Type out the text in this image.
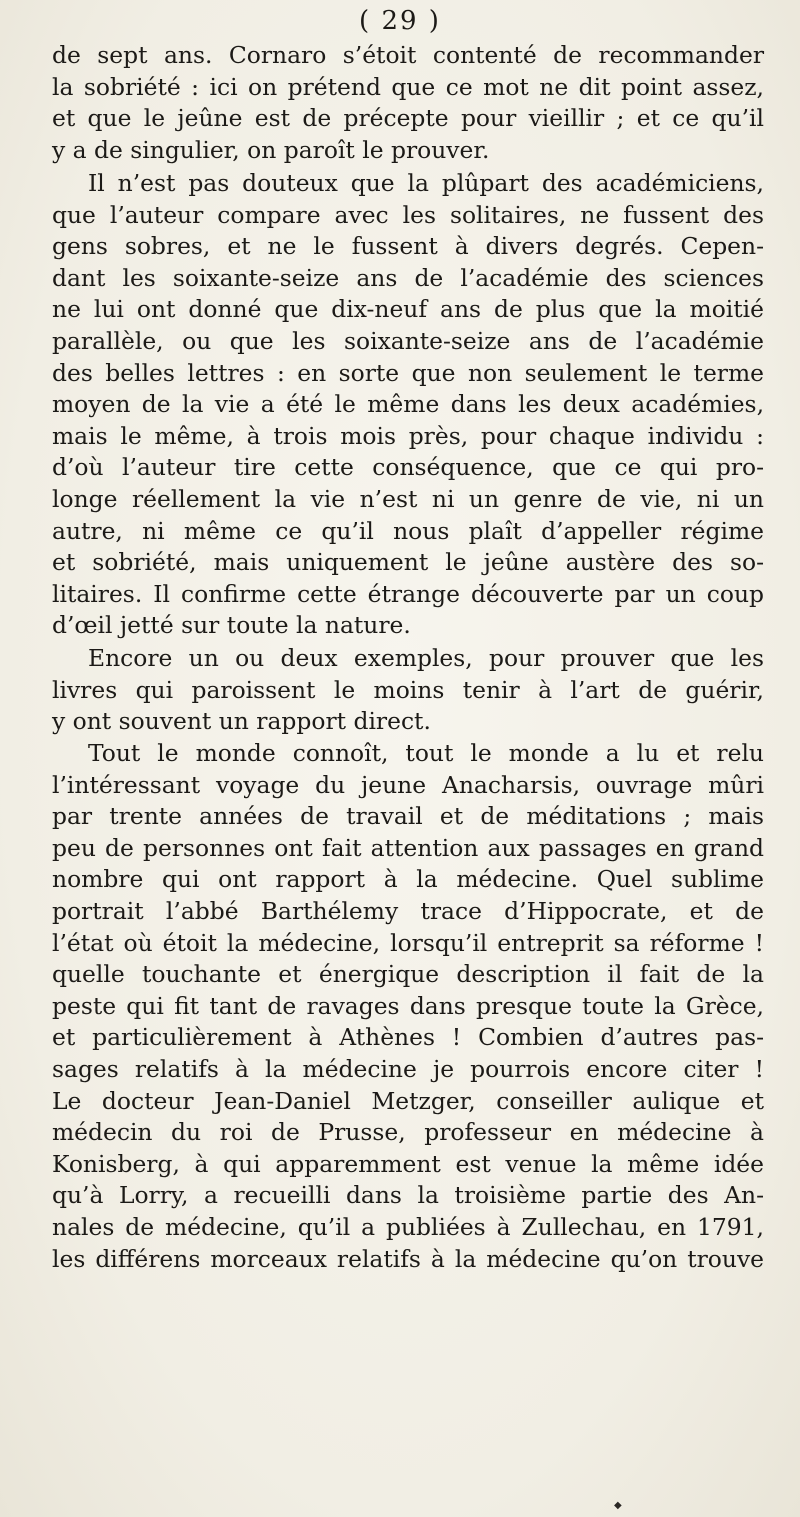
( 29 )
de sept ans. Cornaro s’étoit contenté de recommander
la sobriété : ici on prétend que ce mot ne dit point assez,
et que le jeûne est de précepte pour vieillir ; et ce qu’il
y a de singulier, on paroît le prouver.
Il n’est pas douteux que la plûpart des académiciens,
que l’auteur compare avec les solitaires, ne fussent des
gens sobres, et ne le fussent à divers degrés. Cepen-
dant les soixante-seize ans de l’académie des sciences
ne lui ont donné que dix-neuf ans de plus que la moitié
parallèle, ou que les soixante-seize ans de l’académie
des belles lettres : en sorte que non seulement le terme
moyen de la vie a été le même dans les deux académies,
mais le même, à trois mois près, pour chaque individu :
d’où l’auteur tire cette conséquence, que ce qui pro-
longe réellement la vie n’est ni un genre de vie, ni un
autre, ni même ce qu’il nous plaît d’appeller régime
et sobriété, mais uniquement le jeûne austère des so-
litaires. Il confirme cette étrange découverte par un coup
d’œil jetté sur toute la nature.
Encore un ou deux exemples, pour prouver que les
livres qui paroissent le moins tenir à l’art de guérir,
y ont souvent un rapport direct.
Tout le monde connoît, tout le monde a lu et relu
l’intéressant voyage du jeune Anacharsis, ouvrage mûri
par trente années de travail et de méditations ; mais
peu de personnes ont fait attention aux passages en grand
nombre qui ont rapport à la médecine. Quel sublime
portrait l’abbé Barthélemy trace d’Hippocrate, et de
l’état où étoit la médecine, lorsqu’il entreprit sa réforme !
quelle touchante et énergique description il fait de la
peste qui fit tant de ravages dans presque toute la Grèce,
et particulièrement à Athènes ! Combien d’autres pas-
sages relatifs à la médecine je pourrois encore citer !
Le docteur Jean-Daniel Metzger, conseiller aulique et
médecin du roi de Prusse, professeur en médecine à
Konisberg, à qui apparemment est venue la même idée
qu’à Lorry, a recueilli dans la troisième partie des An-
nales de médecine, qu’il a publiées à Zullechau, en 1791,
les différens morceaux relatifs à la médecine qu’on trouve
◆
